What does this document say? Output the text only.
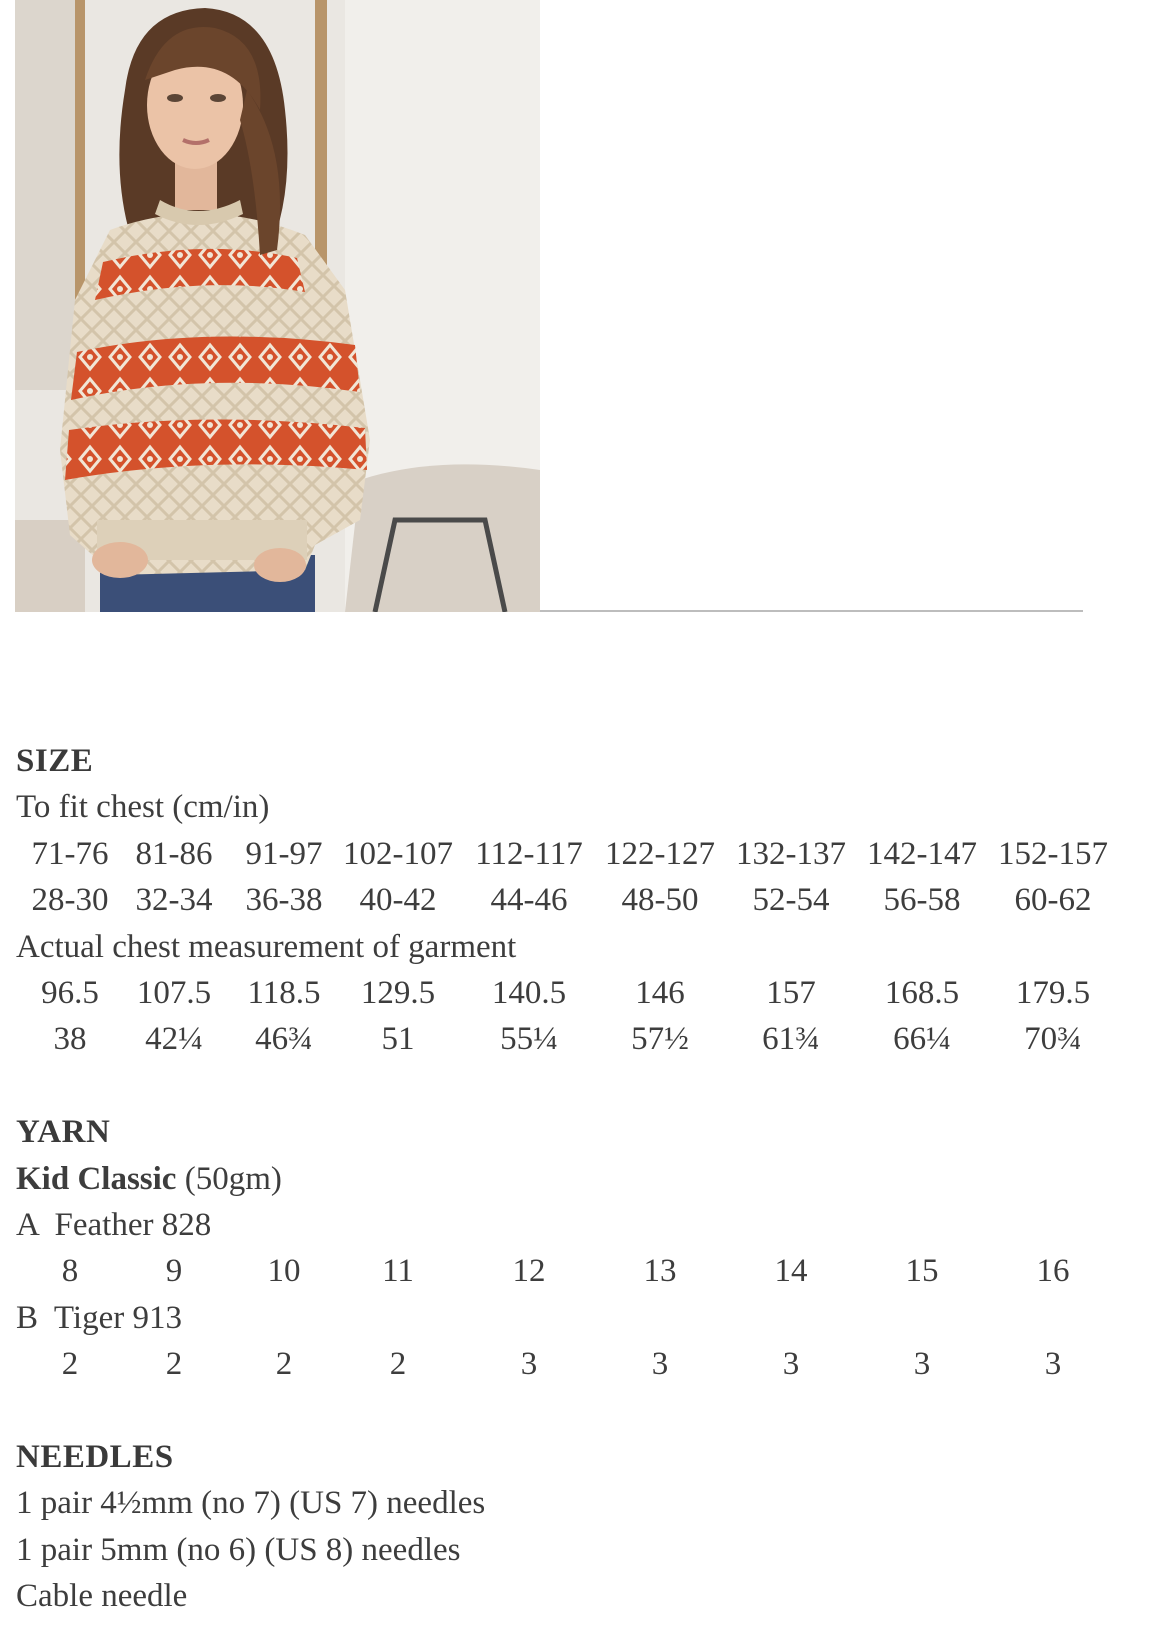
SIZE
To fit chest (cm/in)
71-76 81-86 91-97 102-107 112-117 122-127 132-137 142-147 152-157
28-30 32-34 36-38 40-42 44-46 48-50 52-54 56-58 60-62
Actual chest measurement of garment
96.5 107.5 118.5 129.5 140.5 146 157 168.5 179.5
38 42¼ 46¾ 51	55¼ 57½ 61¾ 66¼ 70¾
YARN
Kid Classic (50gm)
A  Feather 828
8	9	10 11	12	13	14	15	16
B  Tiger 913
2	2	2	2	3	3	3	3	3
NEEDLES
1 pair 4½mm (no 7) (US 7) needles
1 pair 5mm (no 6) (US 8) needles
Cable needle
